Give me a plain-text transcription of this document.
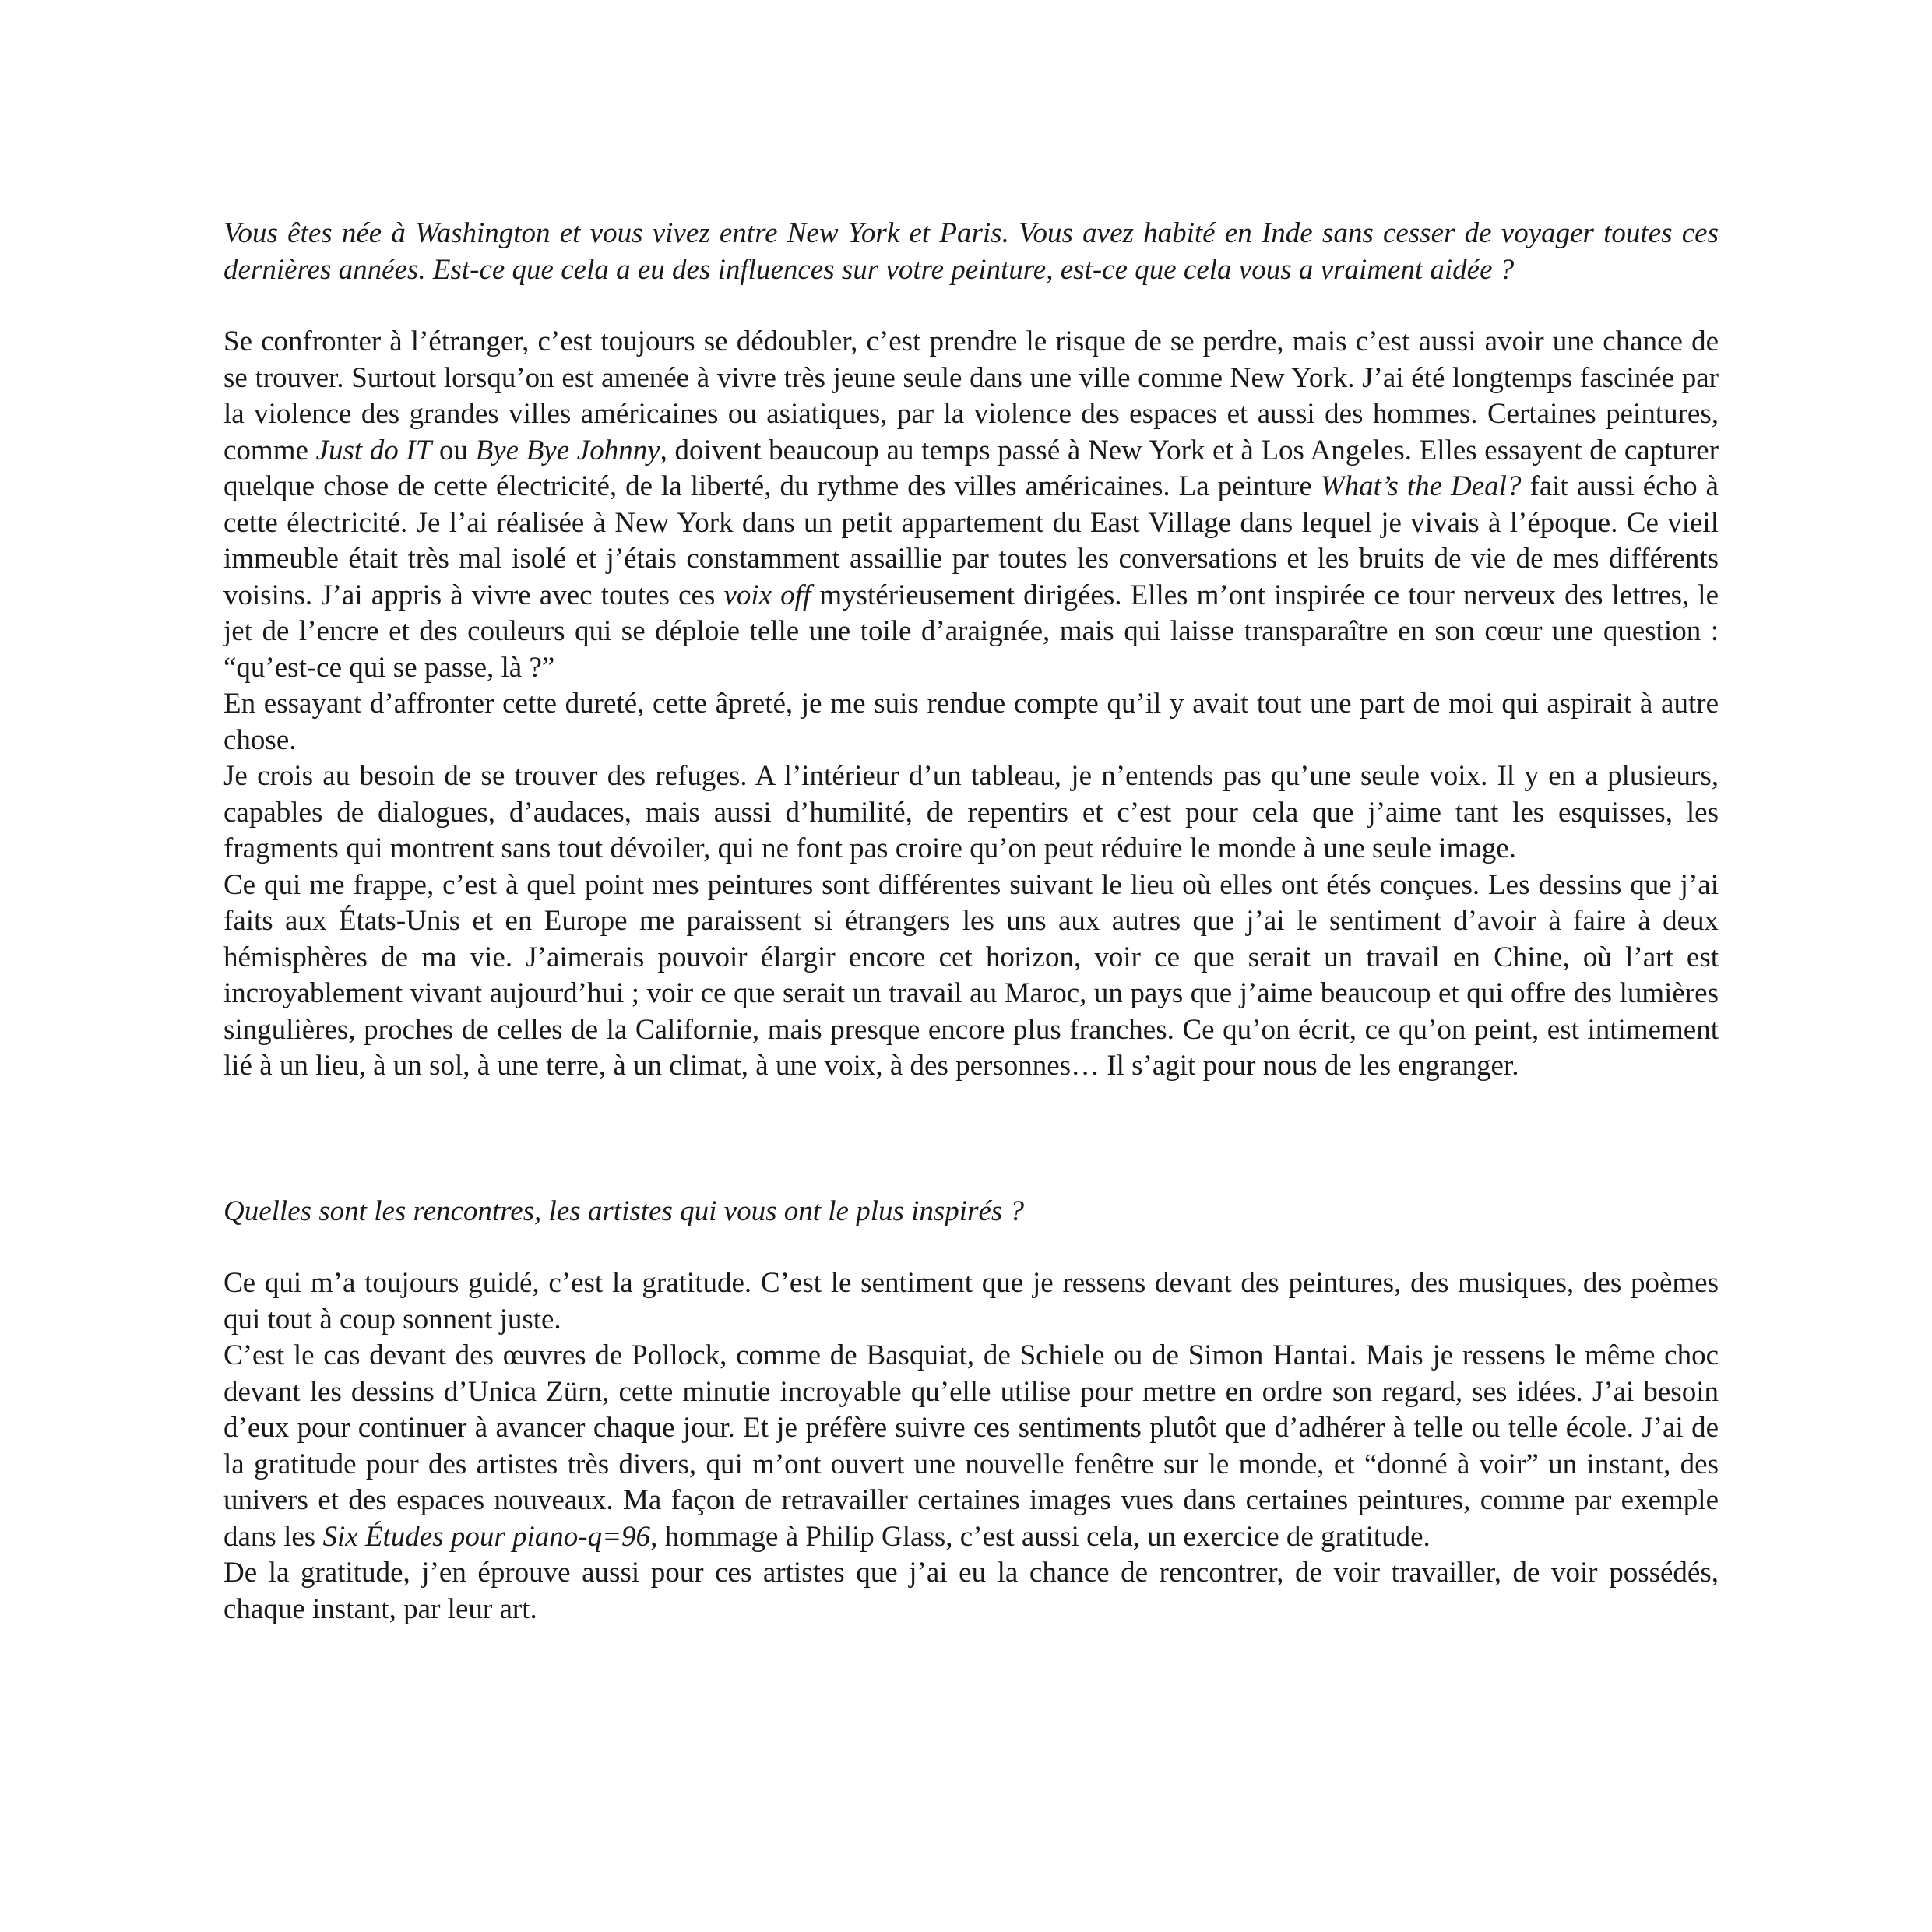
Vous êtes née à Washington et vous vivez entre New York et Paris. Vous avez habité en Inde sans cesser de voyager toutes ces dernières années. Est-ce que cela a eu des influences sur votre peinture, est-ce que cela vous a vraiment aidée ?

Se confronter à l’étranger, c’est toujours se dédoubler, c’est prendre le risque de se perdre, mais c’est aussi avoir une chance de se trouver. Surtout lorsqu’on est amenée à vivre très jeune seule dans une ville comme New York. J’ai été longtemps fascinée par la violence des grandes villes américaines ou asiatiques, par la violence des espaces et aussi des hommes. Certaines peintures, comme Just do IT ou Bye Bye Johnny, doivent beaucoup au temps passé à New York et à Los Angeles. Elles essayent de capturer quelque chose de cette électricité, de la liberté, du rythme des villes américaines. La peinture What’s the Deal? fait aussi écho à cette électricité. Je l’ai réalisée à New York dans un petit appartement du East Village dans lequel je vivais à l’époque. Ce vieil immeuble était très mal isolé et j’étais constamment assaillie par toutes les conversations et les bruits de vie de mes différents voisins. J’ai appris à vivre avec toutes ces voix off mystérieusement dirigées. Elles m’ont inspirée ce tour nerveux des lettres, le jet de l’encre et des couleurs qui se déploie telle une toile d’araignée, mais qui laisse transparaître en son cœur une question : “qu’est-ce qui se passe, là ?”

En essayant d’affronter cette dureté, cette âpreté, je me suis rendue compte qu’il y avait tout une part de moi qui aspirait à autre chose.

Je crois au besoin de se trouver des refuges. A l’intérieur d’un tableau, je n’entends pas qu’une seule voix. Il y en a plusieurs, capables de dialogues, d’audaces, mais aussi d’humilité, de repentirs et c’est pour cela que j’aime tant les esquisses, les fragments qui montrent sans tout dévoiler, qui ne font pas croire qu’on peut réduire le monde à une seule image.

Ce qui me frappe, c’est à quel point mes peintures sont différentes suivant le lieu où elles ont étés conçues. Les dessins que j’ai faits aux États-Unis et en Europe me paraissent si étrangers les uns aux autres que j’ai le sentiment d’avoir à faire à deux hémisphères de ma vie. J’aimerais pouvoir élargir encore cet horizon, voir ce que serait un travail en Chine, où l’art est incroyablement vivant aujourd’hui ; voir ce que serait un travail au Maroc, un pays que j’aime beaucoup et qui offre des lumières singulières, proches de celles de la Californie, mais presque encore plus franches. Ce qu’on écrit, ce qu’on peint, est intimement lié à un lieu, à un sol, à une terre, à un climat, à une voix, à des personnes… Il s’agit pour nous de les engranger.

Quelles sont les rencontres, les artistes qui vous ont le plus inspirés ?

Ce qui m’a toujours guidé, c’est la gratitude. C’est le sentiment que je ressens devant des peintures, des musiques, des poèmes qui tout à coup sonnent juste.

C’est le cas devant des œuvres de Pollock, comme de Basquiat, de Schiele ou de Simon Hantai. Mais je ressens le même choc devant les dessins d’Unica Zürn, cette minutie incroyable qu’elle utilise pour mettre en ordre son regard, ses idées. J’ai besoin d’eux pour continuer à avancer chaque jour. Et je préfère suivre ces sentiments plutôt que d’adhérer à telle ou telle école. J’ai de la gratitude pour des artistes très divers, qui m’ont ouvert une nouvelle fenêtre sur le monde, et “donné à voir” un instant, des univers et des espaces nouveaux. Ma façon de retravailler certaines images vues dans certaines peintures, comme par exemple dans les Six Études pour piano-q=96, hommage à Philip Glass, c’est aussi cela, un exercice de gratitude.

De la gratitude, j’en éprouve aussi pour ces artistes que j’ai eu la chance de rencontrer, de voir travailler, de voir possédés, chaque instant, par leur art.
